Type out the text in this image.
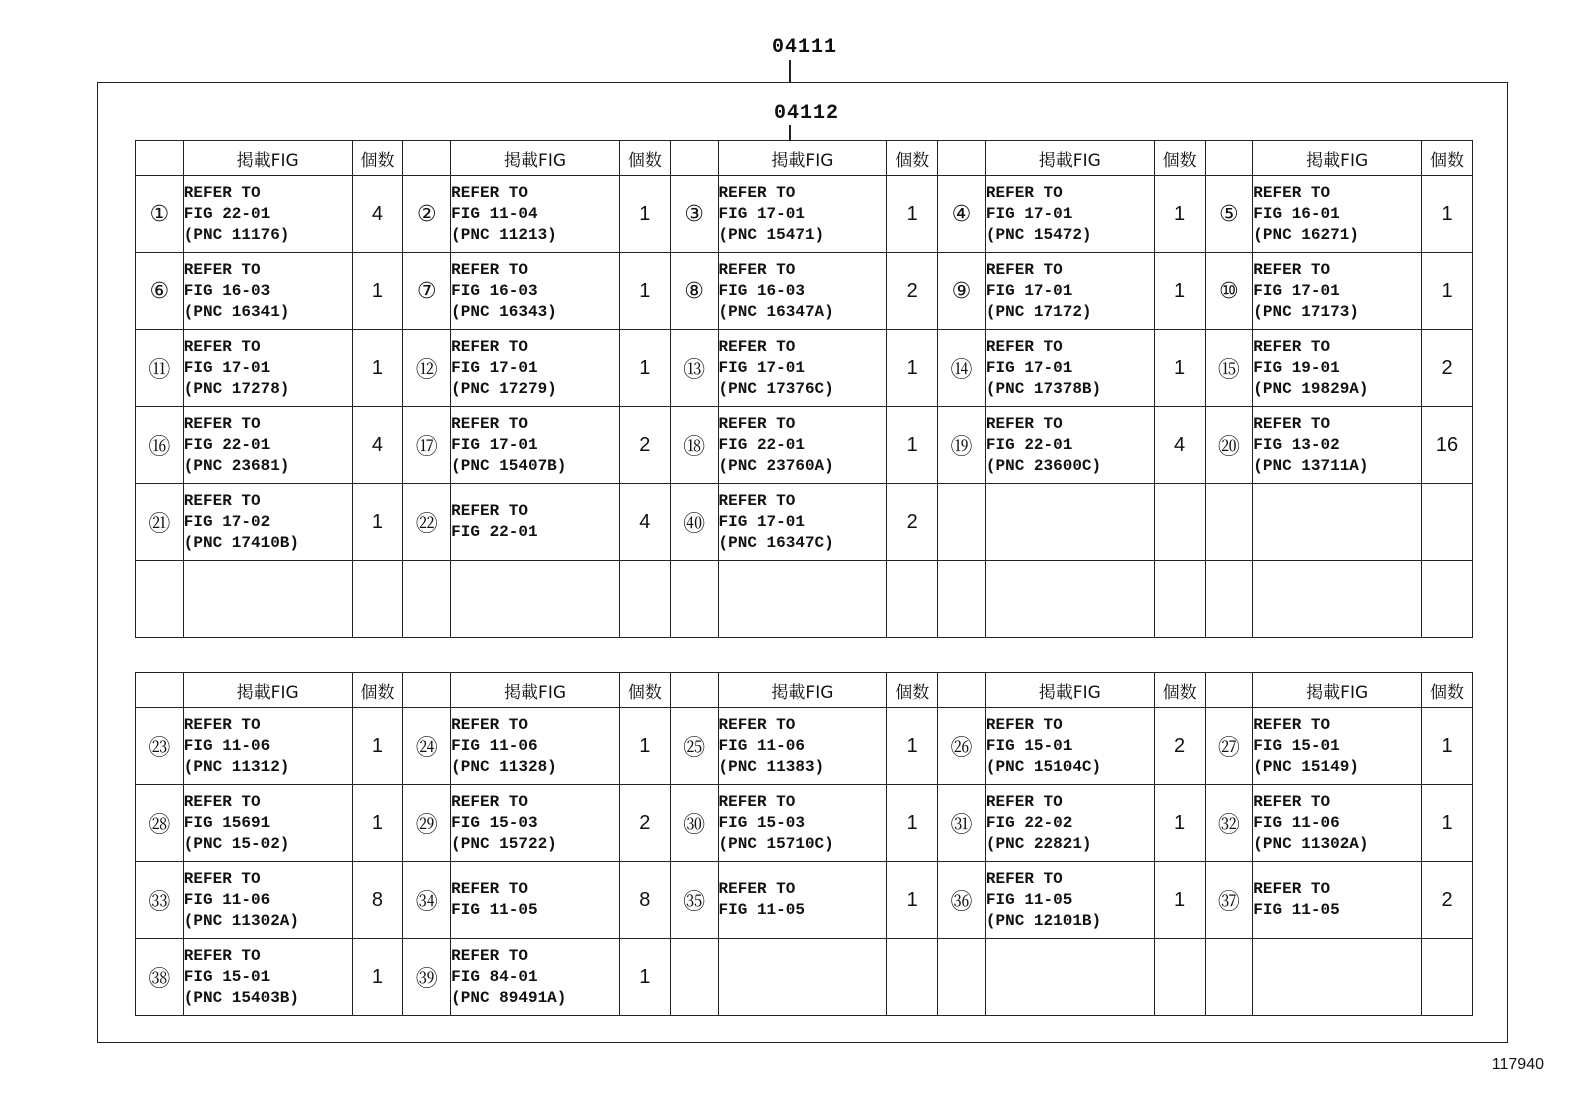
04111
04112
	掲載FIG	個数		掲載FIG	個数		掲載FIG	個数		掲載FIG	個数		掲載FIG	個数
①	REFER TO
FIG 22-01
(PNC 11176)	4	②	REFER TO
FIG 11-04
(PNC 11213)	1	③	REFER TO
FIG 17-01
(PNC 15471)	1	④	REFER TO
FIG 17-01
(PNC 15472)	1	⑤	REFER TO
FIG 16-01
(PNC 16271)	1
⑥	REFER TO
FIG 16-03
(PNC 16341)	1	⑦	REFER TO
FIG 16-03
(PNC 16343)	1	⑧	REFER TO
FIG 16-03
(PNC 16347A)	2	⑨	REFER TO
FIG 17-01
(PNC 17172)	1	⑩	REFER TO
FIG 17-01
(PNC 17173)	1
⑪	REFER TO
FIG 17-01
(PNC 17278)	1	⑫	REFER TO
FIG 17-01
(PNC 17279)	1	⑬	REFER TO
FIG 17-01
(PNC 17376C)	1	⑭	REFER TO
FIG 17-01
(PNC 17378B)	1	⑮	REFER TO
FIG 19-01
(PNC 19829A)	2
⑯	REFER TO
FIG 22-01
(PNC 23681)	4	⑰	REFER TO
FIG 17-01
(PNC 15407B)	2	⑱	REFER TO
FIG 22-01
(PNC 23760A)	1	⑲	REFER TO
FIG 22-01
(PNC 23600C)	4	⑳	REFER TO
FIG 13-02
(PNC 13711A)	16
㉑	REFER TO
FIG 17-02
(PNC 17410B)	1	㉒	REFER TO
FIG 22-01	4	㊵	REFER TO
FIG 17-01
(PNC 16347C)	2						

	掲載FIG	個数		掲載FIG	個数		掲載FIG	個数		掲載FIG	個数		掲載FIG	個数
㉓	REFER TO
FIG 11-06
(PNC 11312)	1	㉔	REFER TO
FIG 11-06
(PNC 11328)	1	㉕	REFER TO
FIG 11-06
(PNC 11383)	1	㉖	REFER TO
FIG 15-01
(PNC 15104C)	2	㉗	REFER TO
FIG 15-01
(PNC 15149)	1
㉘	REFER TO
FIG 15691
(PNC 15-02)	1	㉙	REFER TO
FIG 15-03
(PNC 15722)	2	㉚	REFER TO
FIG 15-03
(PNC 15710C)	1	㉛	REFER TO
FIG 22-02
(PNC 22821)	1	㉜	REFER TO
FIG 11-06
(PNC 11302A)	1
㉝	REFER TO
FIG 11-06
(PNC 11302A)	8	㉞	REFER TO
FIG 11-05	8	㉟	REFER TO
FIG 11-05	1	㊱	REFER TO
FIG 11-05
(PNC 12101B)	1	㊲	REFER TO
FIG 11-05	2
㊳	REFER TO
FIG 15-01
(PNC 15403B)	1	㊴	REFER TO
FIG 84-01
(PNC 89491A)	1									
117940
